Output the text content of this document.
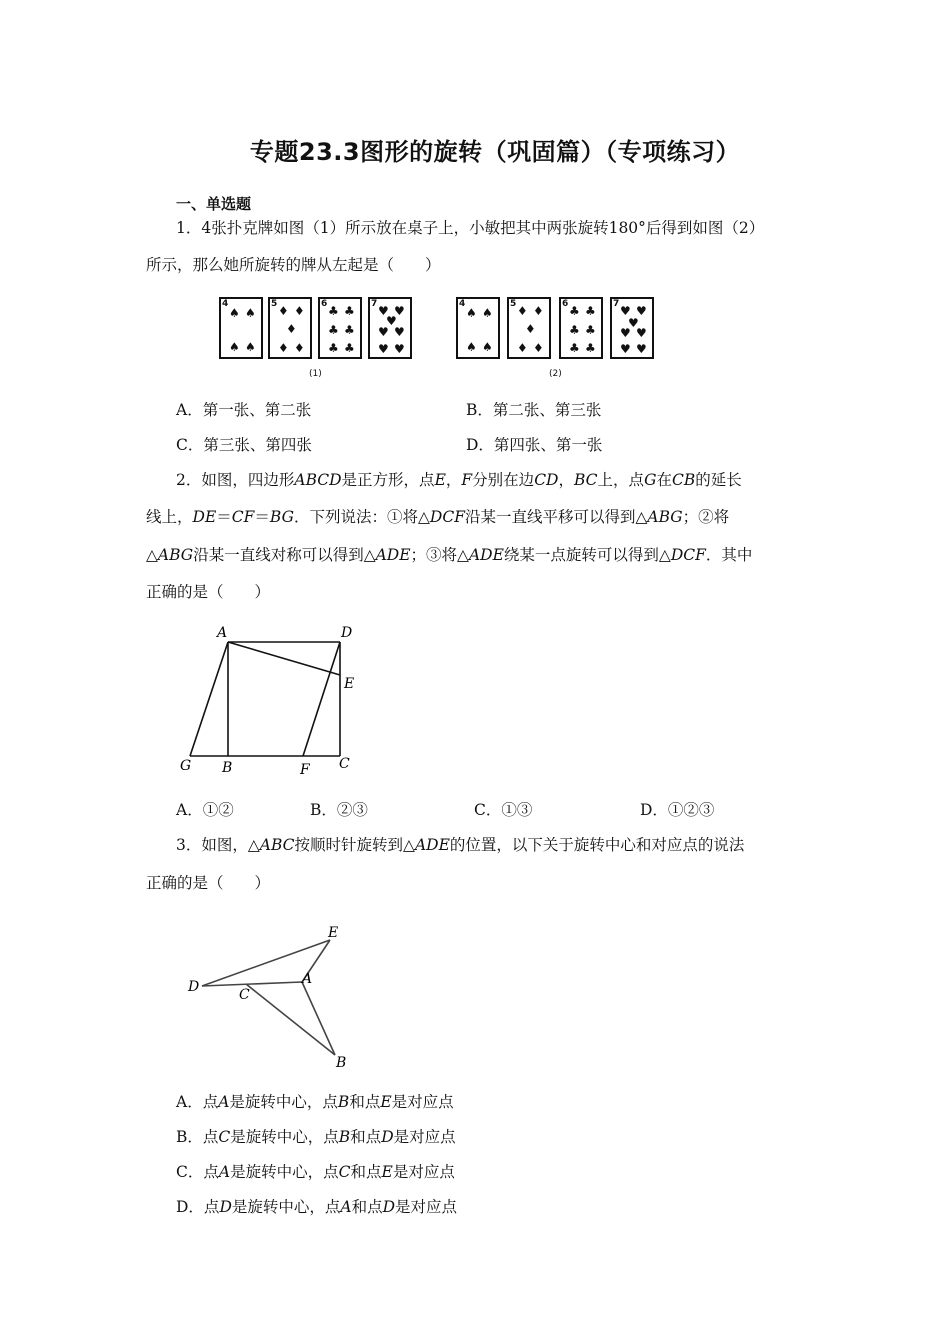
专题23.3图形的旋转（巩固篇）（专项练习）
一、单选题
1．4张扑克牌如图（1）所示放在桌子上，小敏把其中两张旋转180°后得到如图（2）
所示，那么她所旋转的牌从左起是（　　）
4
♠ ♠
♠ ♠
5 ♦ ♦
♦
♦ ♦
6 ♣ ♣
♣ ♣
♣ ♣
7 ♥ ♥
♥
♥ ♥
♥ ♥
(1)
4
♠ ♠
♠ ♠
5 ♦ ♦
♦
♦ ♦
6 ♣ ♣
♣ ♣
♣ ♣
7 ♥ ♥
♥
♥ ♥
♥ ♥
(2)
A．第一张、第二张	B．第二张、第三张
C．第三张、第四张	D．第四张、第一张
2．如图，四边形ABCD是正方形，点E，F分别在边CD，BC上，点G在CB的延长
线上，DE＝CF＝BG．下列说法：①将△DCF沿某一直线平移可以得到△ABG；②将
△ABG沿某一直线对称可以得到△ADE；③将△ADE绕某一点旋转可以得到△DCF．其中
正确的是（　　）
A	D
E
G B	F C
A．①②	B．②③	C．①③	D．①②③
3．如图，△ABC按顺时针旋转到△ADE的位置，以下关于旋转中心和对应点的说法
正确的是（　　）
E
D	C
A
B
A．点A是旋转中心，点B和点E是对应点
B．点C是旋转中心，点B和点D是对应点
C．点A是旋转中心，点C和点E是对应点
D．点D是旋转中心，点A和点D是对应点
